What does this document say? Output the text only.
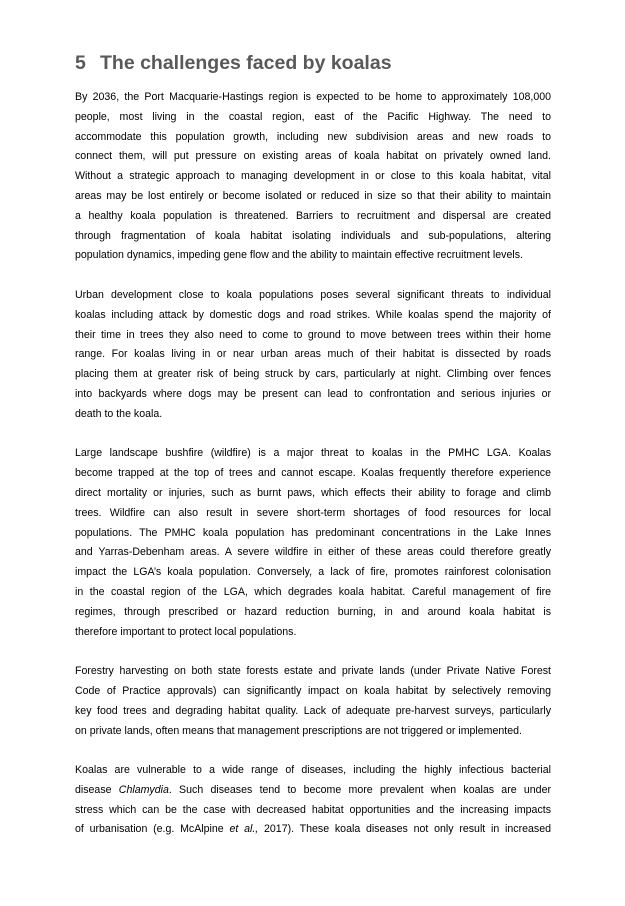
5 The challenges faced by koalas

By 2036, the Port Macquarie-Hastings region is expected to be home to approximately 108,000
people, most living in the coastal region, east of the Pacific Highway. The need to
accommodate this population growth, including new subdivision areas and new roads to
connect them, will put pressure on existing areas of koala habitat on privately owned land.
Without a strategic approach to managing development in or close to this koala habitat, vital
areas may be lost entirely or become isolated or reduced in size so that their ability to maintain
a healthy koala population is threatened. Barriers to recruitment and dispersal are created
through fragmentation of koala habitat isolating individuals and sub-populations, altering
population dynamics, impeding gene flow and the ability to maintain effective recruitment levels.

Urban development close to koala populations poses several significant threats to individual
koalas including attack by domestic dogs and road strikes. While koalas spend the majority of
their time in trees they also need to come to ground to move between trees within their home
range. For koalas living in or near urban areas much of their habitat is dissected by roads
placing them at greater risk of being struck by cars, particularly at night. Climbing over fences
into backyards where dogs may be present can lead to confrontation and serious injuries or
death to the koala.

Large landscape bushfire (wildfire) is a major threat to koalas in the PMHC LGA. Koalas
become trapped at the top of trees and cannot escape. Koalas frequently therefore experience
direct mortality or injuries, such as burnt paws, which effects their ability to forage and climb
trees. Wildfire can also result in severe short-term shortages of food resources for local
populations. The PMHC koala population has predominant concentrations in the Lake Innes
and Yarras-Debenham areas. A severe wildfire in either of these areas could therefore greatly
impact the LGA’s koala population. Conversely, a lack of fire, promotes rainforest colonisation
in the coastal region of the LGA, which degrades koala habitat. Careful management of fire
regimes, through prescribed or hazard reduction burning, in and around koala habitat is
therefore important to protect local populations.

Forestry harvesting on both state forests estate and private lands (under Private Native Forest
Code of Practice approvals) can significantly impact on koala habitat by selectively removing
key food trees and degrading habitat quality. Lack of adequate pre-harvest surveys, particularly
on private lands, often means that management prescriptions are not triggered or implemented.

Koalas are vulnerable to a wide range of diseases, including the highly infectious bacterial
disease Chlamydia. Such diseases tend to become more prevalent when koalas are under
stress which can be the case with decreased habitat opportunities and the increasing impacts
of urbanisation (e.g. McAlpine et al., 2017). These koala diseases not only result in increased
